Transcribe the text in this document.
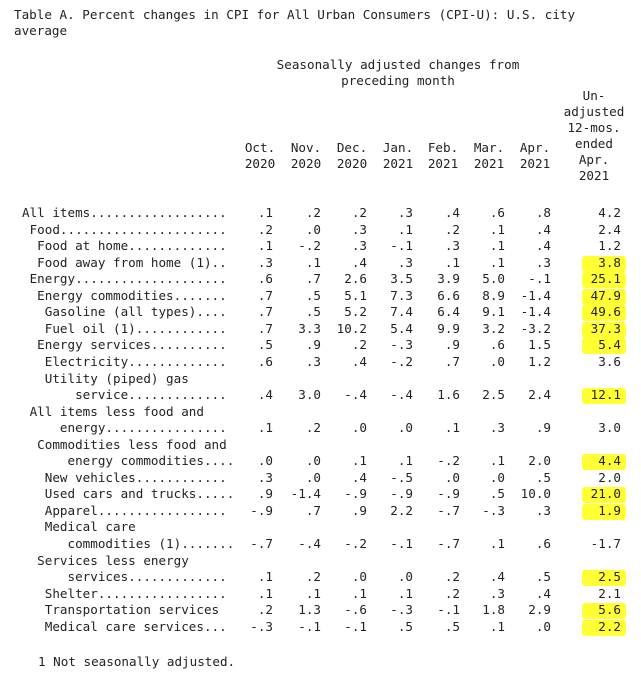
Table A. Percent changes in CPI for All Urban Consumers (CPI-U): U.S. city
average
Seasonally adjusted changes from
preceding month
Oct.
2020
Nov.
2020
Dec.
2020
Jan.
2021
Feb.
2021
Mar.
2021
Apr.
2021
Un-
adjusted
12-mos.
ended
Apr.
2021
All items..................	.1	.2	.2	.3	.4	.6	.8	4.2
Food......................	.2	.0	.3	.1	.2	.1	.4	2.4
Food at home.............	.1	-.2	.3	-.1	.3	.1	.4	1.2
Food away from home (1)..	.3	.1	.4	.3	.1	.1	.3	3.8
Energy....................	.6	.7	2.6	3.5	3.9	5.0	-.1	25.1
Energy commodities.......	.7	.5	5.1	7.3	6.6	8.9	-1.4	47.9
Gasoline (all types)....	.7	.5	5.2	7.4	6.4	9.1	-1.4	49.6
Fuel oil (1)............	.7	3.3	10.2	5.4	9.9	3.2	-3.2	37.3
Energy services..........	.5	.9	.2	-.3	.9	.6	1.5	5.4
Electricity.............	.6	.3	.4	-.2	.7	.0	1.2	3.6
Utility (piped) gas
service.............	.4	3.0	-.4	-.4	1.6	2.5	2.4	12.1
All items less food and
energy................	.1	.2	.0	.0	.1	.3	.9	3.0
Commodities less food and
energy commodities....	.0	.0	.1	.1	-.2	.1	2.0	4.4
New vehicles............	.3	.0	.4	-.5	.0	.0	.5	2.0
Used cars and trucks.....	.9	-1.4	-.9	-.9	-.9	.5	10.0	21.0
Apparel.................	-.9	.7	.9	2.2	-.7	-.3	.3	1.9
Medical care
commodities (1).......	-.7	-.4	-.2	-.1	-.7	.1	.6	-1.7
Services less energy
services.............	.1	.2	.0	.0	.2	.4	.5	2.5
Shelter.................	.1	.1	.1	.1	.2	.3	.4	2.1
Transportation services	.2	1.3	-.6	-.3	-.1	1.8	2.9	5.6
Medical care services...	-.3	-.1	-.1	.5	.5	.1	.0	2.2
1 Not seasonally adjusted.
